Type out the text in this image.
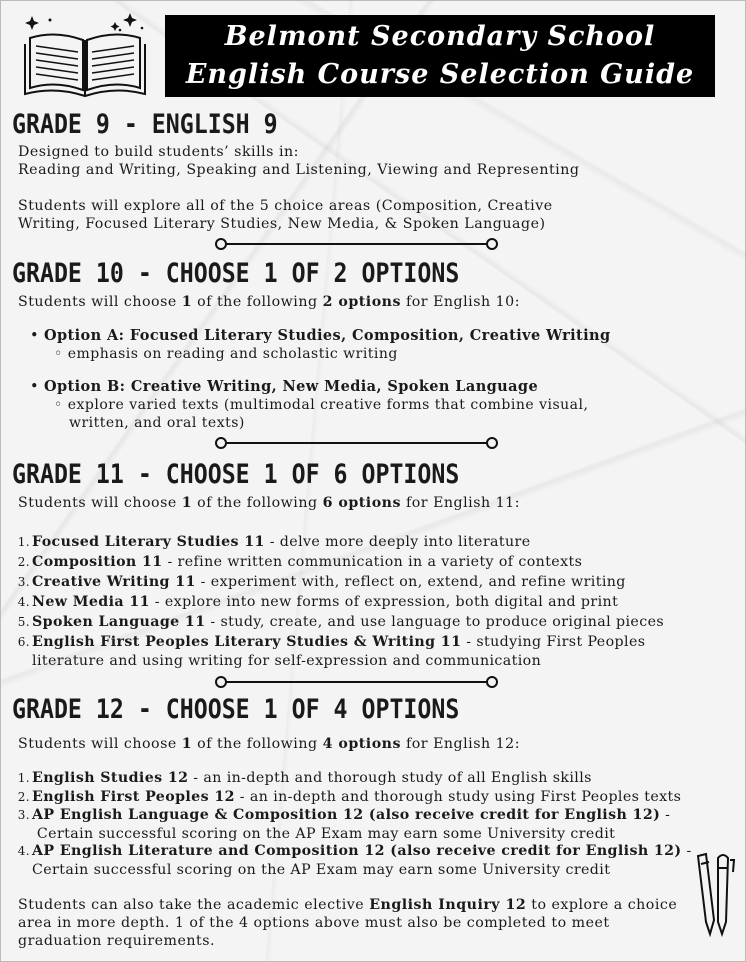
Belmont Secondary School
English Course Selection Guide
GRADE 9 - ENGLISH 9
Designed to build students’ skills in:
Reading and Writing, Speaking and Listening, Viewing and Representing
Students will explore all of the 5 choice areas (Composition, Creative
Writing, Focused Literary Studies, New Media, & Spoken Language)
GRADE 10 - CHOOSE 1 OF 2 OPTIONS
Students will choose 1 of the following 2 options for English 10:
• Option A: Focused Literary Studies, Composition, Creative Writing
◦ emphasis on reading and scholastic writing
• Option B: Creative Writing, New Media, Spoken Language
◦ explore varied texts (multimodal creative forms that combine visual,
written, and oral texts)
GRADE 11 - CHOOSE 1 OF 6 OPTIONS
Students will choose 1 of the following 6 options for English 11:
1. Focused Literary Studies 11 - delve more deeply into literature
2. Composition 11 - refine written communication in a variety of contexts
3. Creative Writing 11 - experiment with, reflect on, extend, and refine writing
4. New Media 11 - explore into new forms of expression, both digital and print
5. Spoken Language 11 - study, create, and use language to produce original pieces
6. English First Peoples Literary Studies & Writing 11 - studying First Peoples
literature and using writing for self-expression and communication
GRADE 12 - CHOOSE 1 OF 4 OPTIONS
Students will choose 1 of the following 4 options for English 12:
1. English Studies 12 - an in-depth and thorough study of all English skills
2. English First Peoples 12 - an in-depth and thorough study using First Peoples texts
3. AP English Language & Composition 12 (also receive credit for English 12) -
Certain successful scoring on the AP Exam may earn some University credit
4. AP English Literature and Composition 12 (also receive credit for English 12) -
Certain successful scoring on the AP Exam may earn some University credit
Students can also take the academic elective English Inquiry 12 to explore a choice
area in more depth. 1 of the 4 options above must also be completed to meet
graduation requirements.
